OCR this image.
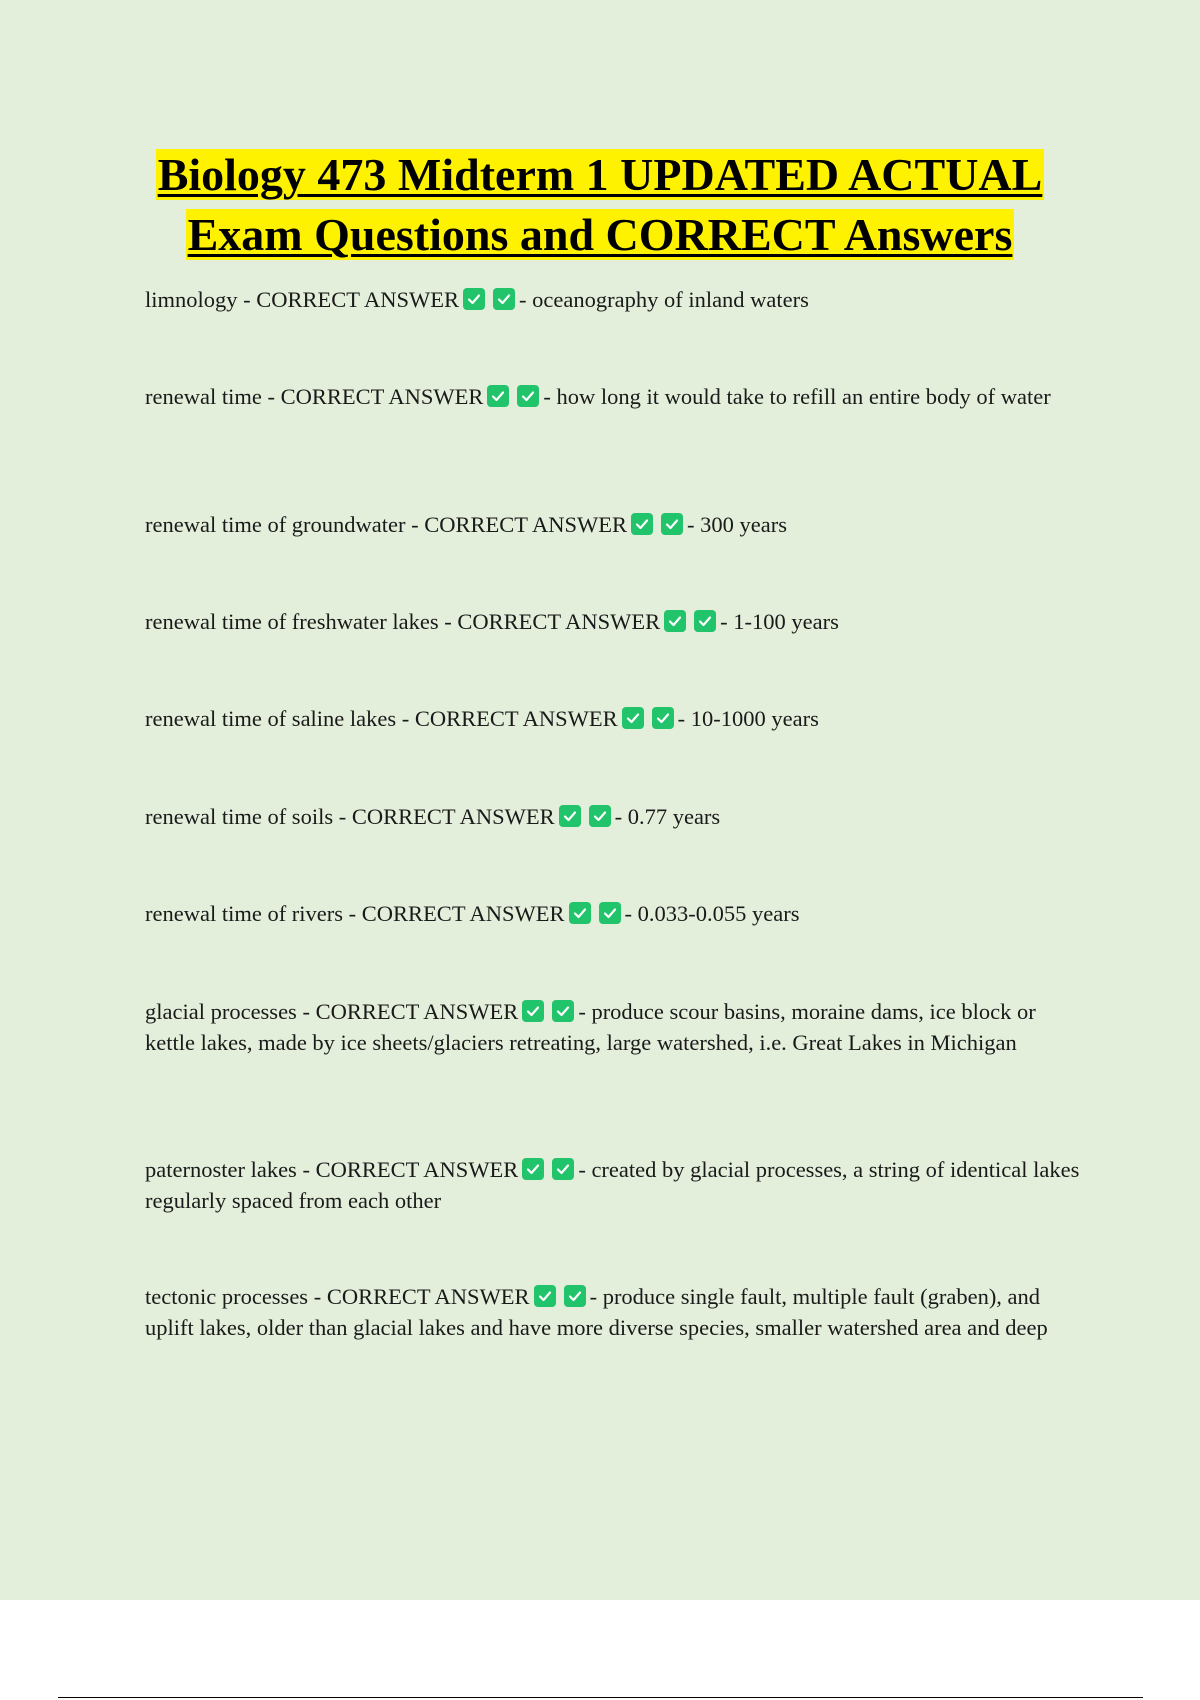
Biology 473 Midterm 1 UPDATED ACTUAL
Exam Questions and CORRECT Answers
limnology - CORRECT ANSWER	- oceanography of inland waters
renewal time - CORRECT ANSWER	- how long it would take to refill an entire body of water
renewal time of groundwater - CORRECT ANSWER	- 300 years
renewal time of freshwater lakes - CORRECT ANSWER	- 1-100 years
renewal time of saline lakes - CORRECT ANSWER	- 10-1000 years
renewal time of soils - CORRECT ANSWER	- 0.77 years
renewal time of rivers - CORRECT ANSWER	- 0.033-0.055 years
glacial processes - CORRECT ANSWER	- produce scour basins, moraine dams, ice block or kettle lakes, made by ice sheets/glaciers retreating, large watershed, i.e. Great Lakes in Michigan
paternoster lakes - CORRECT ANSWER	- created by glacial processes, a string of identical lakes regularly spaced from each other
tectonic processes - CORRECT ANSWER	- produce single fault, multiple fault (graben), and uplift lakes, older than glacial lakes and have more diverse species, smaller watershed area and deep
